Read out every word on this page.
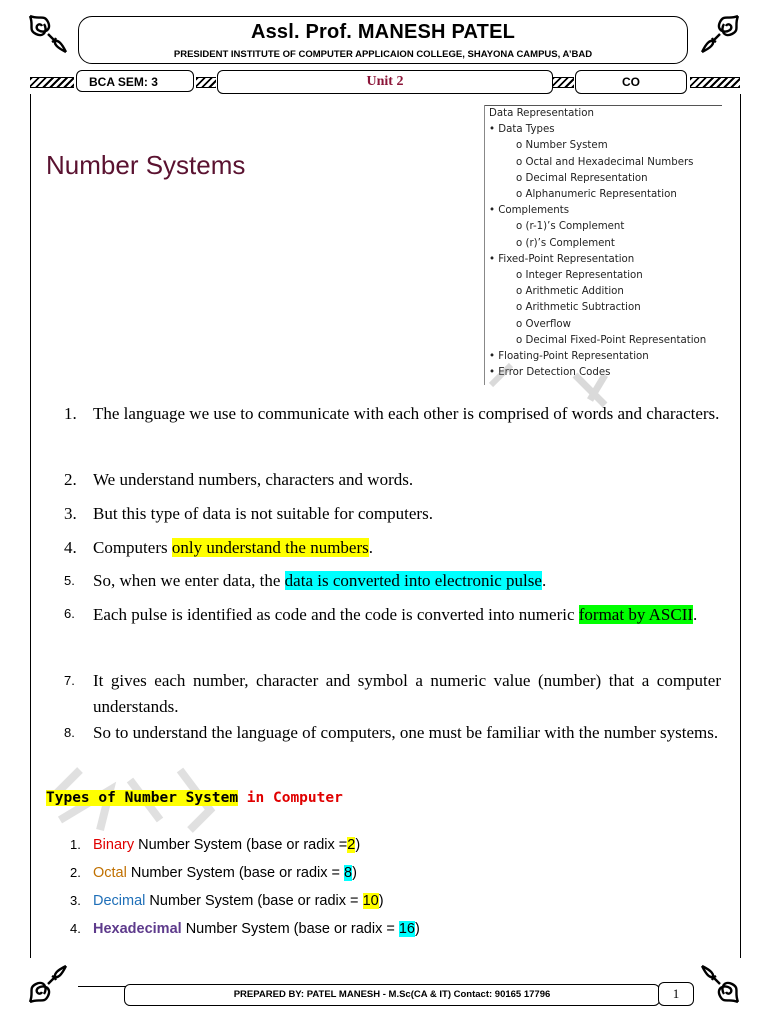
Assl. Prof. MANESH PATEL
PRESIDENT INSTITUTE OF COMPUTER APPLICAION COLLEGE, SHAYONA CAMPUS, A’BAD
BCA SEM: 3	Unit 2	CO
Number Systems
Data Representation
• Data Types
o Number System
o Octal and Hexadecimal Numbers
o Decimal Representation
o Alphanumeric Representation
• Complements
o (r-1)’s Complement
o (r)’s Complement
• Fixed-Point Representation
o Integer Representation
o Arithmetic Addition
o Arithmetic Subtraction
o Overflow
o Decimal Fixed-Point Representation
• Floating-Point Representation
• Error Detection Codes
1. The language we use to communicate with each other is comprised of words and characters.
2. We understand numbers, characters and words.
3. But this type of data is not suitable for computers.
4. Computers only understand the numbers.
5.	So, when we enter data, the data is converted into electronic pulse.
6.	Each pulse is identified as code and the code is converted into numeric format by ASCII.
7.	It gives each number, character and symbol a numeric value (number) that a computer understands.
8.	So to understand the language of computers, one must be familiar with the number systems.
Types of Number System in Computer
1. Binary Number System (base or radix =2)
2. Octal Number System (base or radix = 8)
3. Decimal Number System (base or radix = 10)
4. Hexadecimal Number System (base or radix = 16)
PREPARED BY: PATEL MANESH - M.Sc(CA & IT) Contact: 90165 17796	1
